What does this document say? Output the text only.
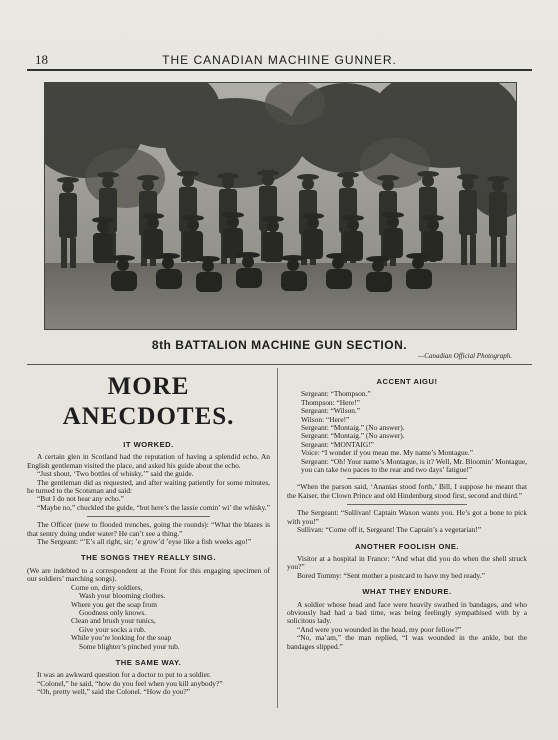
18	THE CANADIAN MACHINE GUNNER.
8th BATTALION MACHINE GUN SECTION.
—Canadian Official Photograph.
MORE ANECDOTES.
IT WORKED.

A certain glen in Scotland had the reputation of having a splendid echo. An English gentleman visited the place, and asked his guide about the echo.

“Just shout, ‘Two bottles of whisky,’” said the guide.

The gentleman did as requested, and after waiting patiently for some minutes, he turned to the Scotsman and said:

“But I do not hear any echo.”

“Maybe no,” chuckled the guide, “but here’s the lassie comin’ wi’ the whisky.”

The Officer (new to flooded trenches, going the rounds): “What the blazes is that sentry doing under water? He can’t see a thing.”

The Sergeant: “’E’s all right, sir; ’e grow’d ’eyse like a fish weeks ago!”

THE SONGS THEY REALLY SING.

(We are indebted to a correspondent at the Front for this engaging specimen of our soldiers’ marching songs).

Come on, dirty soldiers,
Wash your blooming clothes.
Where you get the soap from
Goodness only knows.
Clean and brush your tunics,
Give your socks a rub.
While you’re looking for the soap
Some blighter’s pinched your tub.
THE SAME WAY.

It was an awkward question for a doctor to put to a soldier.

“Colonel,” he said, “how do you feel when you kill anybody?”

“Oh, pretty well,” said the Colonel. “How do you?”

ACCENT AIGU!
Sergeant: “Thompson.”
Thompson: “Here!”
Sergeant: “Wilson.”
Wilson: “Here!”
Sergeant: “Montaig.” (No answer).
Sergeant: “Montaig.” (No answer).
Sergeant: “MONTAIG!”
Voice: “I wonder if you mean me. My name’s Montague.”
Sergeant: “Oh! Your name’s Montague, is it? Well, Mr. Bloomin’ Montague, you can take two paces to the rear and two days’ fatigue!”

“When the parson said, ‘Ananias stood forth,’ Bill, I suppose he meant that the Kaiser, the Clown Prince and old Hindenburg stood first, second and third.”

The Sergeant: “Sullivan! Captain Waxon wants you. He’s got a bone to pick with you!”

Sullivan: “Come off it, Sergeant! The Captain’s a vegetarian!”

ANOTHER FOOLISH ONE.

Visitor at a hospital in France: “And what did you do when the shell struck you?”

Bored Tommy: “Sent mother a postcard to have my bed ready.”

WHAT THEY ENDURE.

A soldier whose head and face were heavily swathed in bandages, and who obviously had had a bad time, was being feelingly sympathised with by a solicitous lady.

“And were you wounded in the head, my poor fellow?”

“No, ma’am,” the man replied, “I was wounded in the ankle, but the bandages slipped.”
